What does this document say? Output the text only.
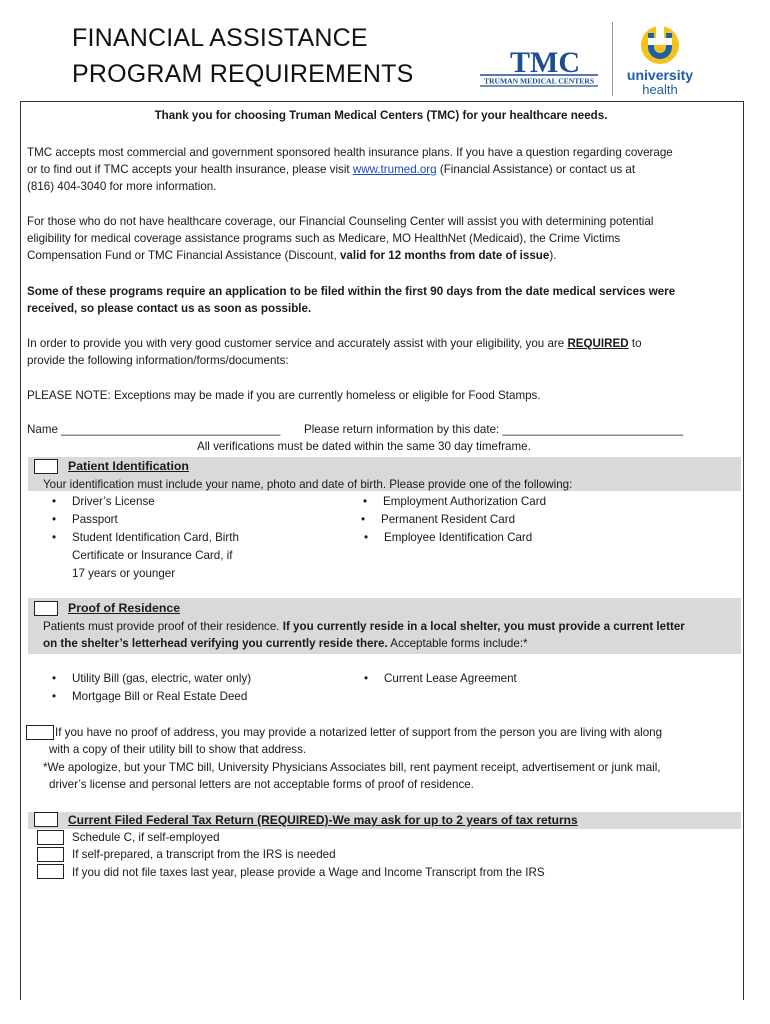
FINANCIAL ASSISTANCE
PROGRAM REQUIREMENTS	TMC
TRUMAN MEDICAL CENTERS university
health
Thank you for choosing Truman Medical Centers (TMC) for your healthcare needs.
TMC accepts most commercial and government sponsored health insurance plans. If you have a question regarding coverage
or to find out if TMC accepts your health insurance, please visit www.trumed.org (Financial Assistance) or contact us at
(816) 404-3040 for more information.
For those who do not have healthcare coverage, our Financial Counseling Center will assist you with determining potential
eligibility for medical coverage assistance programs such as Medicare, MO HealthNet (Medicaid), the Crime Victims
Compensation Fund or TMC Financial Assistance (Discount, valid for 12 months from date of issue).
Some of these programs require an application to be filed within the first 90 days from the date medical services were
received, so please contact us as soon as possible.
In order to provide you with very good customer service and accurately assist with your eligibility, you are REQUIRED to
provide the following information/forms/documents:
PLEASE NOTE: Exceptions may be made if you are currently homeless or eligible for Food Stamps.
Name __________________________________ Please return information by this date: ____________________________
All verifications must be dated within the same 30 day timeframe.
Patient Identification
Your identification must include your name, photo and date of birth. Please provide one of the following:
• Driver’s License
• Passport
• Student Identification Card, Birth
Certificate or Insurance Card, if
17 years or younger
• Employment Authorization Card
• Permanent Resident Card
• Employee Identification Card
Proof of Residence
Patients must provide proof of their residence. If you currently reside in a local shelter, you must provide a current letter
on the shelter’s letterhead verifying you currently reside there. Acceptable forms include:*
• Utility Bill (gas, electric, water only)
• Mortgage Bill or Real Estate Deed
• Current Lease Agreement
If you have no proof of address, you may provide a notarized letter of support from the person you are living with along
with a copy of their utility bill to show that address.
*We apologize, but your TMC bill, University Physicians Associates bill, rent payment receipt, advertisement or junk mail,
driver’s license and personal letters are not acceptable forms of proof of residence.
Current Filed Federal Tax Return (REQUIRED)-We may ask for up to 2 years of tax returns
Schedule C, if self-employed
If self-prepared, a transcript from the IRS is needed
If you did not file taxes last year, please provide a Wage and Income Transcript from the IRS
